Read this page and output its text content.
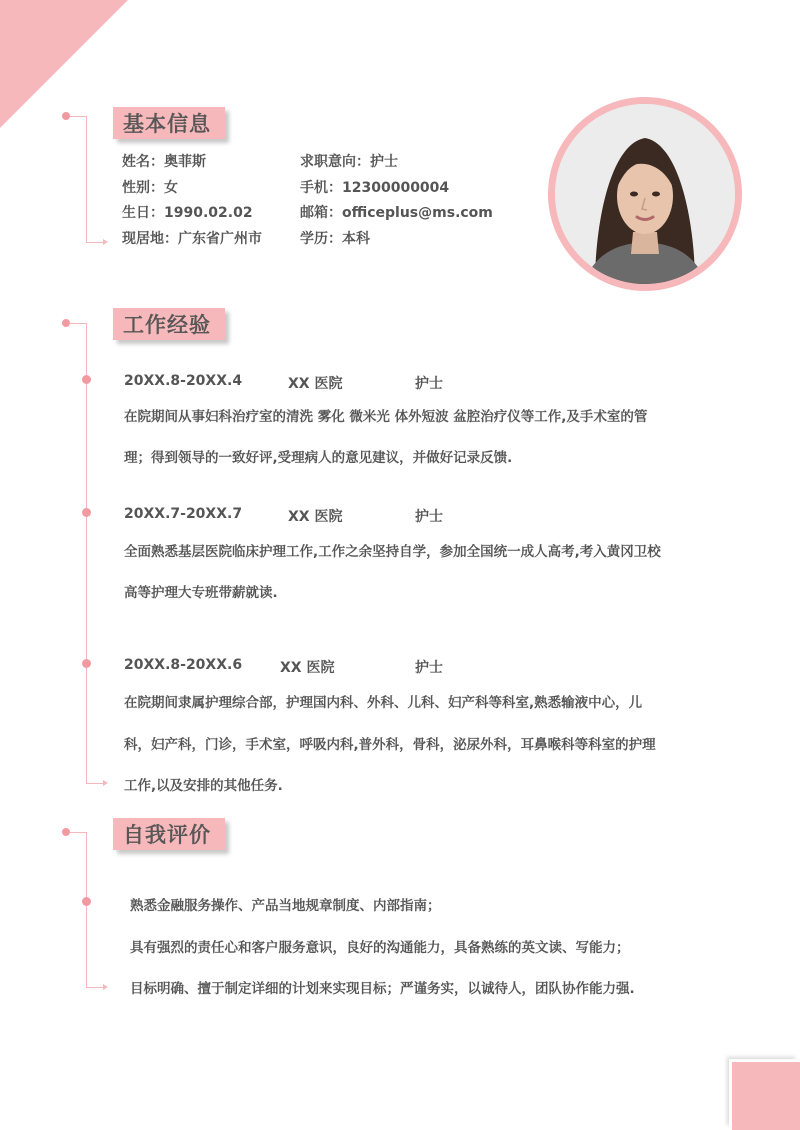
基本信息
姓名：奥菲斯
性别：女
生日：1990.02.02
现居地：广东省广州市
求职意向：护士
手机：12300000004
邮箱：officeplus@ms.com
学历：本科
工作经验
20XX.8-20XX.4	XX 医院	护士
在院期间从事妇科治疗室的清洗 雾化 微米光 体外短波 盆腔治疗仪等工作,及手术室的管
理；得到领导的一致好评,受理病人的意见建议，并做好记录反馈.
20XX.7-20XX.7	XX 医院	护士
全面熟悉基层医院临床护理工作,工作之余坚持自学，参加全国统一成人高考,考入黄冈卫校
高等护理大专班带薪就读.
20XX.8-20XX.6	XX 医院	护士
在院期间隶属护理综合部，护理国内科、外科、儿科、妇产科等科室,熟悉输液中心，儿
科，妇产科，门诊，手术室，呼吸内科,普外科，骨科，泌尿外科，耳鼻喉科等科室的护理
工作,以及安排的其他任务.
自我评价
熟悉金融服务操作、产品当地规章制度、内部指南；
具有强烈的责任心和客户服务意识，良好的沟通能力，具备熟练的英文读、写能力；
目标明确、擅于制定详细的计划来实现目标；严谨务实，以诚待人，团队协作能力强.
